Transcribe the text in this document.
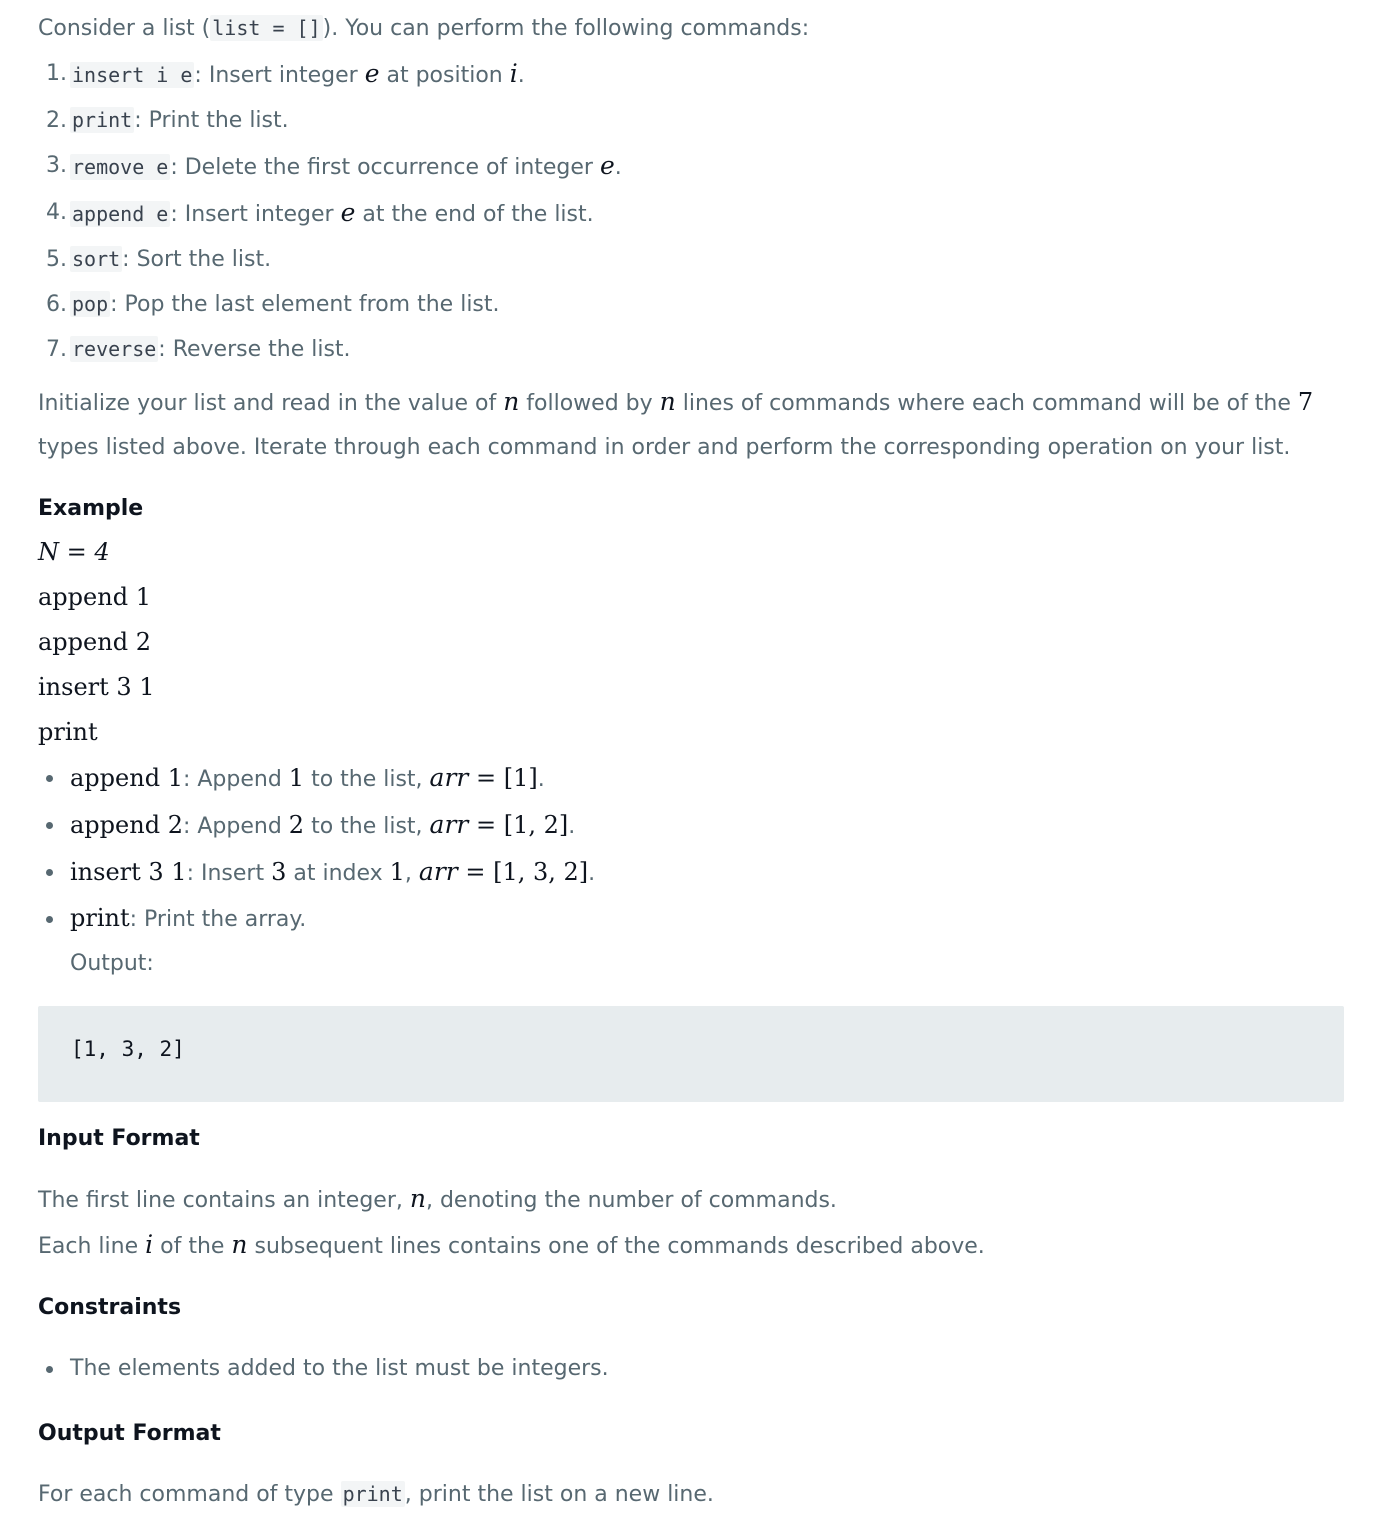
Consider a list ( list = []). You can perform the following commands:

1. insert i e: Insert integer e at position i.
2. print: Print the list.
3. remove e: Delete the first occurrence of integer e.
4. append e: Insert integer e at the end of the list.
5. sort: Sort the list.
6. pop: Pop the last element from the list.
7. reverse: Reverse the list.

Initialize your list and read in the value of n followed by n lines of commands where each command will be of the 7 types listed above. Iterate through each command in order and perform the corresponding operation on your list.

Example

N = 4

append 1

append 2

insert 3 1

print

append 1: Append 1 to the list, arr = [1].
append 2: Append 2 to the list, arr = [1, 2].
insert 3 1: Insert 3 at index 1, arr = [1, 3, 2].
print: Print the array.

Output:

[1, 3, 2]
Input Format

The first line contains an integer, n, denoting the number of commands.

Each line i of the n subsequent lines contains one of the commands described above.

Constraints
The elements added to the list must be integers.
Output Format

For each command of type print, print the list on a new line.
